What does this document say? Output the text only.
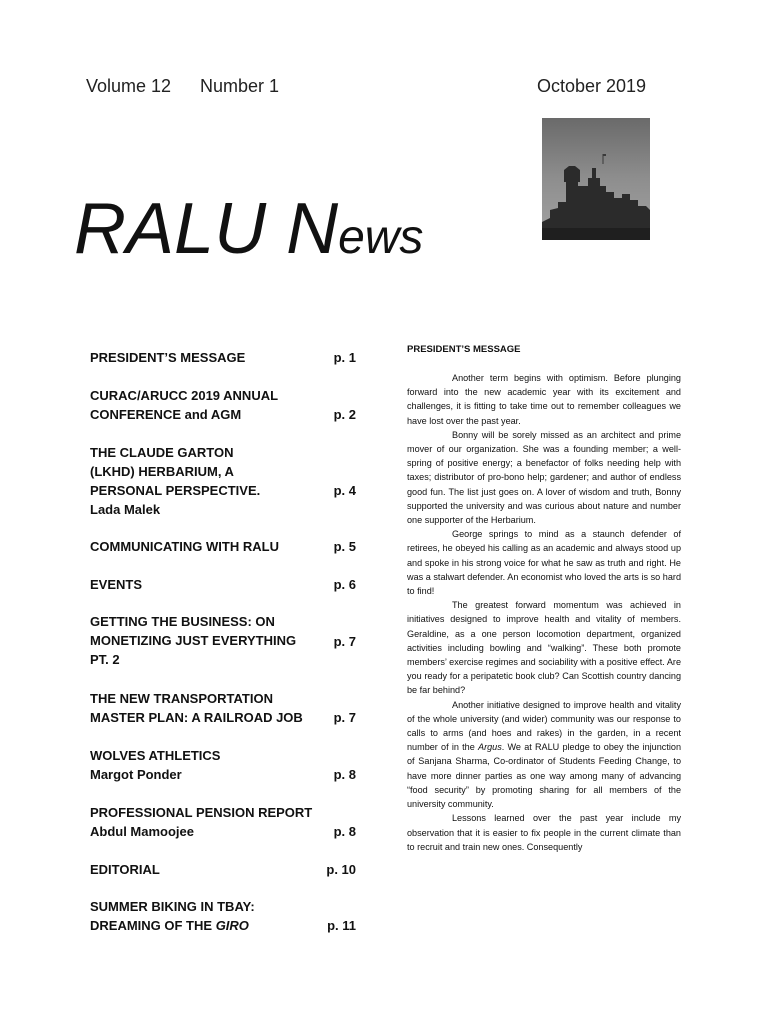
Volume 12 Number 1	October 2019
RALU News
PRESIDENT’S MESSAGE	p. 1
CURAC/ARUCC 2019 ANNUAL CONFERENCE and AGM	p. 2
THE CLAUDE GARTON (LKHD) HERBARIUM, A PERSONAL PERSPECTIVE.
Lada Malek
p. 4
COMMUNICATING WITH RALU	p. 5
EVENTS	p. 6
GETTING THE BUSINESS: ON MONETIZING JUST EVERYTHING PT. 2
p. 7
THE NEW TRANSPORTATION MASTER PLAN: A RAILROAD JOB p. 7
WOLVES ATHLETICS
Margot Ponder	p. 8
PROFESSIONAL PENSION REPORT
Abdul Mamoojee	p. 8
EDITORIAL	p. 10
SUMMER BIKING IN TBAY: DREAMING OF THE GIRO	p. 11
PRESIDENT’S MESSAGE

Another term begins with optimism. Before plunging forward into the new academic year with its excitement and challenges, it is fitting to take time out to remember colleagues we have lost over the past year.

Bonny will be sorely missed as an architect and prime mover of our organization. She was a founding member; a well-spring of positive energy; a benefactor of folks needing help with taxes; distributor of pro-bono help; gardener; and author of endless good fun. The list just goes on. A lover of wisdom and truth, Bonny supported the university and was curious about nature and number one supporter of the Herbarium.

George springs to mind as a staunch defender of retirees, he obeyed his calling as an academic and always stood up and spoke in his strong voice for what he saw as truth and right. He was a stalwart defender. An economist who loved the arts is so hard to find!

The greatest forward momentum was achieved in initiatives designed to improve health and vitality of members. Geraldine, as a one person locomotion department, organized activities including bowling and “walking”. These both promote members’ exercise regimes and sociability with a positive effect. Are you ready for a peripatetic book club? Can Scottish country dancing be far behind?

Another initiative designed to improve health and vitality of the whole university (and wider) community was our response to calls to arms (and hoes and rakes) in the garden, in a recent number of in the Argus. We at RALU pledge to obey the injunction of Sanjana Sharma, Co-ordinator of Students Feeding Change, to have more dinner parties as one way among many of advancing “food security” by promoting sharing for all members of the university community.

Lessons learned over the past year include my observation that it is easier to fix people in the current climate than to recruit and train new ones. Consequently
